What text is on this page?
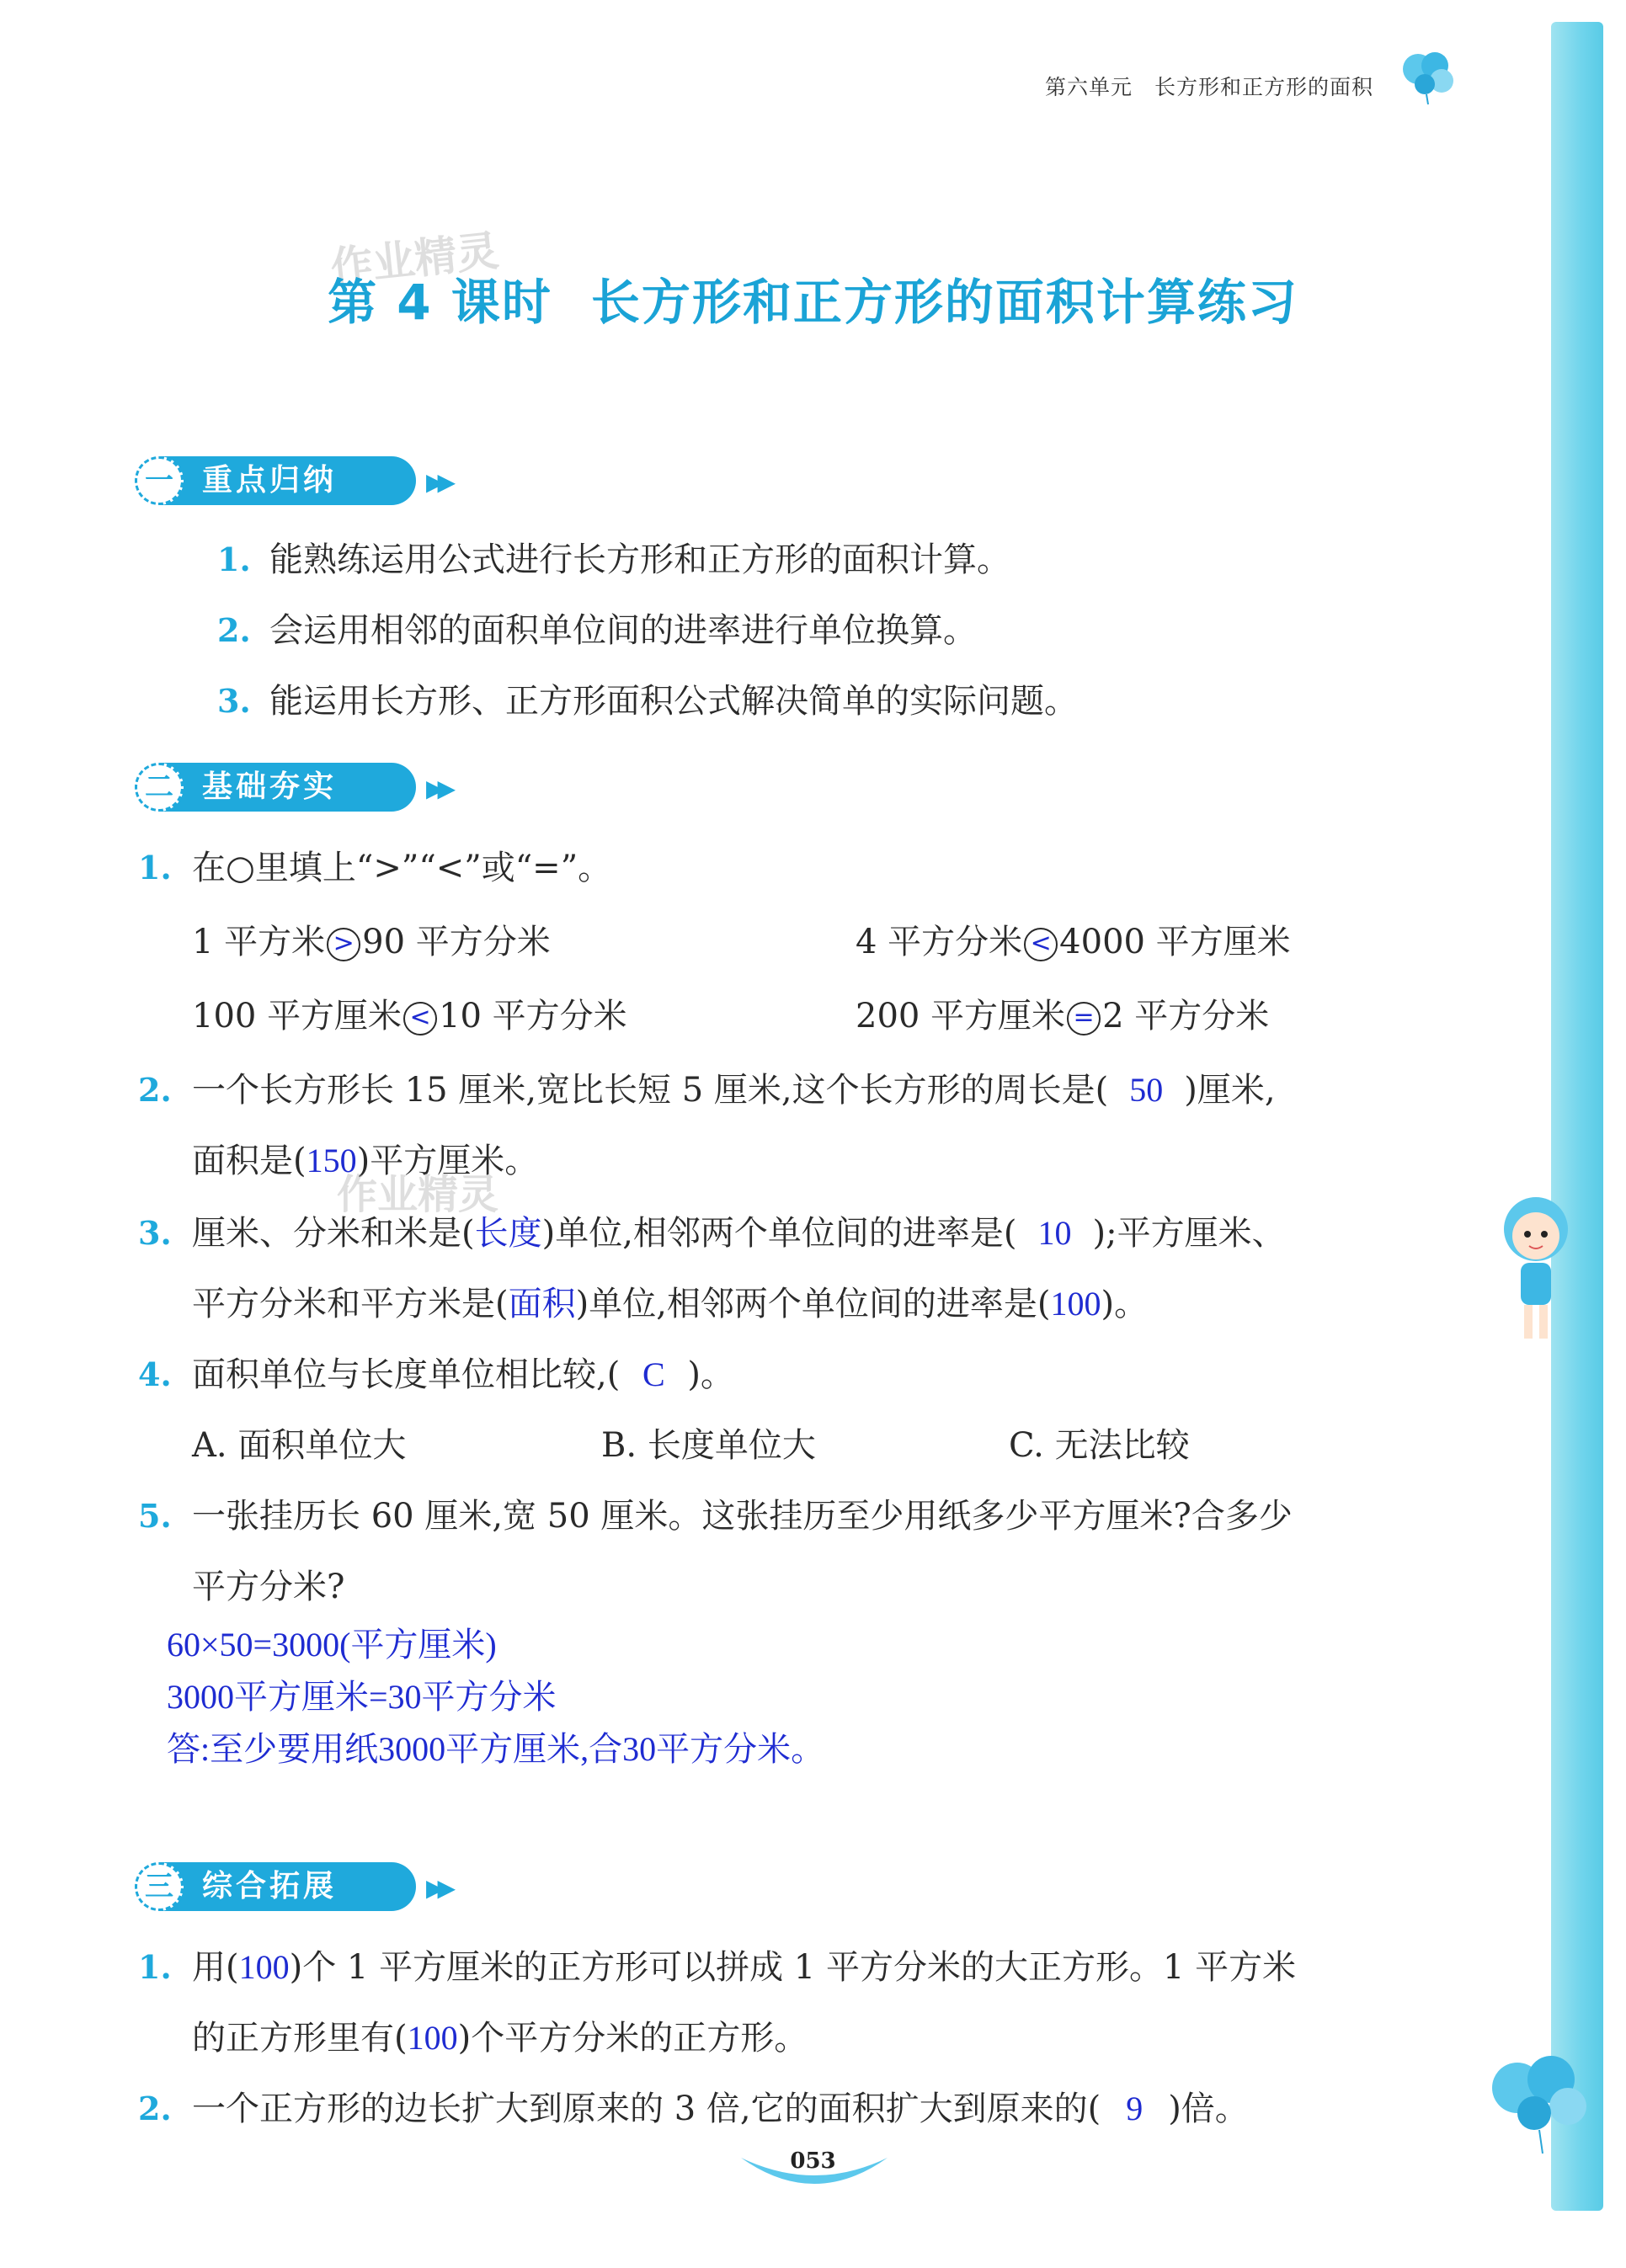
第六单元 长方形和正方形的面积
作业精灵
第 4 课时 长方形和正方形的面积计算练习
一 重点归纳	▶▶
1. 能熟练运用公式进行长方形和正方形的面积计算。
2. 会运用相邻的面积单位间的进率进行单位换算。
3. 能运用长方形、正方形面积公式解决简单的实际问题。
二 基础夯实	▶▶
1. 在○里填上“>”“<”或“=”。
1 平方米 > 90 平方分米	4 平方分米 < 4000 平方厘米
100 平方厘米 < 10 平方分米	200 平方厘米 = 2 平方分米
2. 一个长方形长 15 厘米,宽比长短 5 厘米,这个长方形的周长是( 50 )厘米,
面积是(150)平方厘米。
作业精灵
3. 厘米、分米和米是(长度)单位,相邻两个单位间的进率是( 10 );平方厘米、
平方分米和平方米是(面积)单位,相邻两个单位间的进率是(100)。
4. 面积单位与长度单位相比较,( C )。
A. 面积单位大	B. 长度单位大	C. 无法比较
5. 一张挂历长 60 厘米,宽 50 厘米。这张挂历至少用纸多少平方厘米?合多少
平方分米?
60×50=3000(平方厘米)
3000平方厘米=30平方分米
答:至少要用纸3000平方厘米,合30平方分米。
三 综合拓展	▶▶
1. 用(100)个 1 平方厘米的正方形可以拼成 1 平方分米的大正方形。1 平方米
的正方形里有(100)个平方分米的正方形。
2. 一个正方形的边长扩大到原来的 3 倍,它的面积扩大到原来的( 9 )倍。
053
